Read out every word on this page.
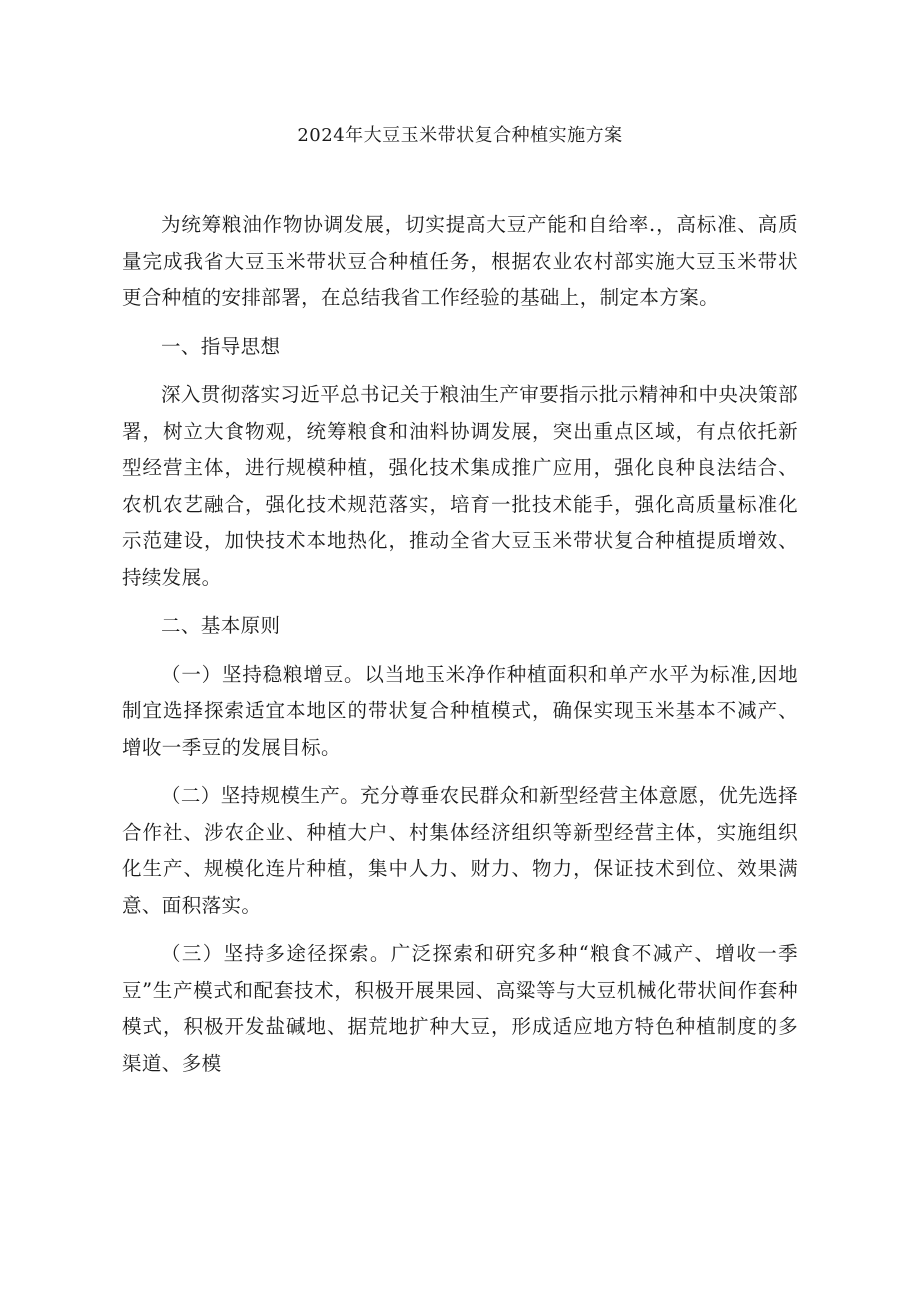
2024年大豆玉米带状复合种植实施方案

为统筹粮油作物协调发展，切实提高大豆产能和自给率.，高标准、高质量完成我省大豆玉米带状豆合种植任务，根据农业农村部实施大豆玉米带状更合种植的安排部署，在总结我省工作经验的基础上，制定本方案。

一、指导思想

深入贯彻落实习近平总书记关于粮油生产审要指示批示精神和中央决策部署，树立大食物观，统筹粮食和油料协调发展，突出重点区域，有点依托新型经营主体，进行规模种植，强化技术集成推广应用，强化良种良法结合、农机农艺融合，强化技术规范落实，培育一批技术能手，强化高质量标准化示范建设，加快技术本地热化，推动全省大豆玉米带状复合种植提质增效、持续发展。

二、基本原则

（一）坚持稳粮增豆。以当地玉米净作种植面积和单产水平为标准,因地制宜选择探索适宜本地区的带状复合种植模式，确保实现玉米基本不减产、增收一季豆的发展目标。

（二）坚持规模生产。充分尊垂农民群众和新型经营主体意愿，优先选择合作社、涉农企业、种植大户、村集体经济组织等新型经营主体，实施组织化生产、规模化连片种植，集中人力、财力、物力，保证技术到位、效果满意、面积落实。

（三）坚持多途径探索。广泛探索和研究多种“粮食不减产、增收一季豆”生产模式和配套技术，积极开展果园、高粱等与大豆机械化带状间作套种模式，积极开发盐碱地、据荒地扩种大豆，形成适应地方特色种植制度的多渠道、多模
